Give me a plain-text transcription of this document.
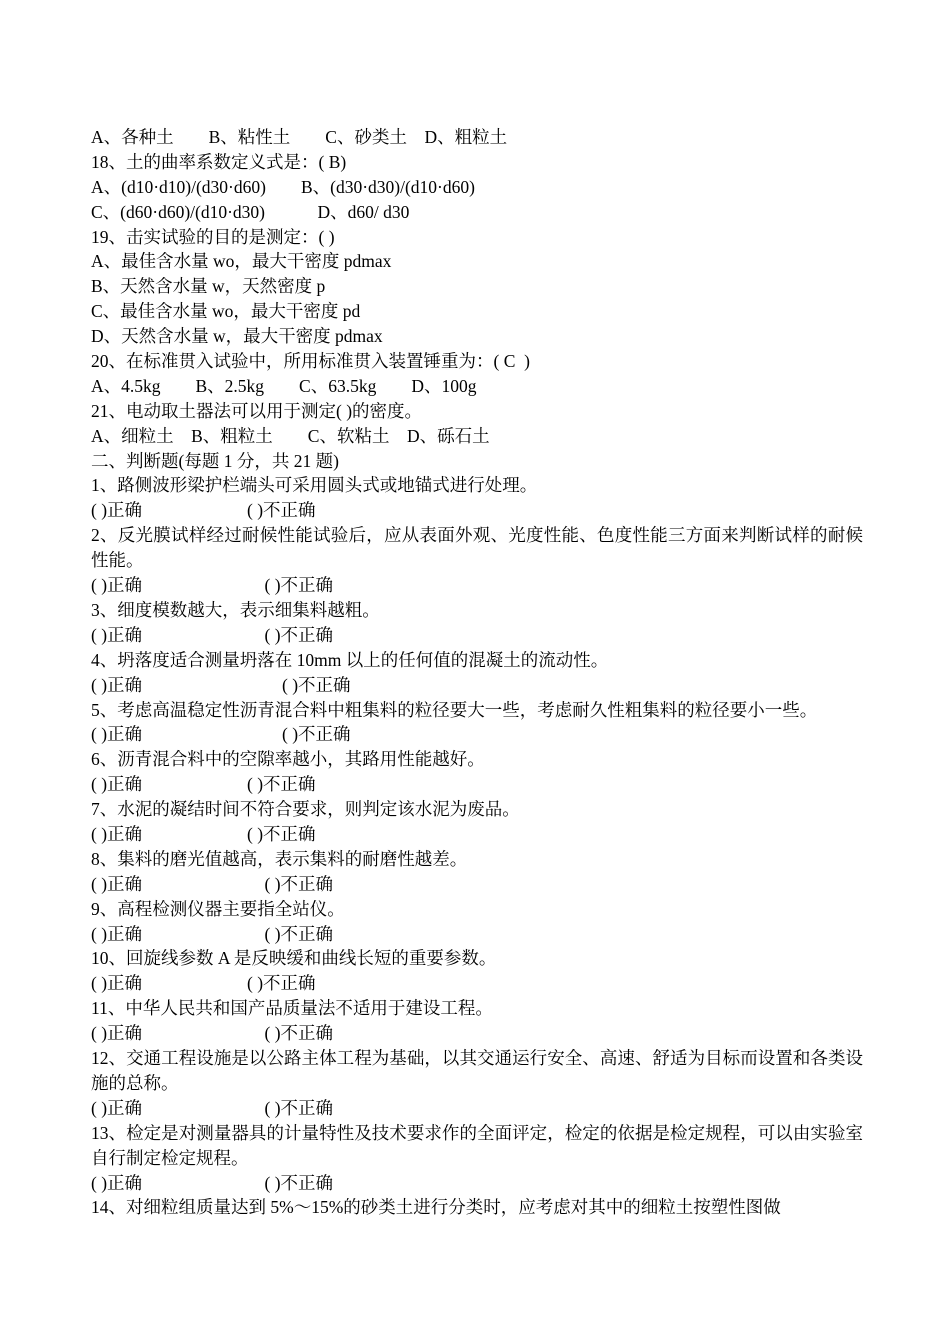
A、各种土　　B、粘性土　　C、砂类土　D、粗粒土
18、土的曲率系数定义式是：( B)
A、(d10·d10)/(d30·d60)　　B、(d30·d30)/(d10·d60)
C、(d60·d60)/(d10·d30)　　　D、d60/ d30
19、击实试验的目的是测定：( )
A、最佳含水量 wo，最大干密度 pdmax
B、天然含水量 w，天然密度 p
C、最佳含水量 wo，最大干密度 pd
D、天然含水量 w，最大干密度 pdmax
20、在标准贯入试验中，所用标准贯入装置锤重为：( C  )
A、4.5kg　　B、2.5kg　　C、63.5kg　　D、100g
21、电动取土器法可以用于测定( )的密度。
A、细粒土　B、粗粒土　　C、软粘土　D、砾石土
二、判断题(每题 1 分，共 21 题)
1、路侧波形梁护栏端头可采用圆头式或地锚式进行处理。
( )正确　　　　　　( )不正确
2、反光膜试样经过耐候性能试验后，应从表面外观、光度性能、色度性能三方面来判断试样的耐候性能。
( )正确　　　　　　　( )不正确
3、细度模数越大，表示细集料越粗。
( )正确　　　　　　　( )不正确
4、坍落度适合测量坍落在 10mm 以上的任何值的混凝土的流动性。
( )正确　　　　　　　　( )不正确
5、考虑高温稳定性沥青混合料中粗集料的粒径要大一些，考虑耐久性粗集料的粒径要小一些。
( )正确　　　　　　　　( )不正确
6、沥青混合料中的空隙率越小，其路用性能越好。
( )正确　　　　　　( )不正确
7、水泥的凝结时间不符合要求，则判定该水泥为废品。
( )正确　　　　　　( )不正确
8、集料的磨光值越高，表示集料的耐磨性越差。
( )正确　　　　　　　( )不正确
9、高程检测仪器主要指全站仪。
( )正确　　　　　　　( )不正确
10、回旋线参数 A 是反映缓和曲线长短的重要参数。
( )正确　　　　　　( )不正确
11、中华人民共和国产品质量法不适用于建设工程。
( )正确　　　　　　　( )不正确
12、交通工程设施是以公路主体工程为基础，以其交通运行安全、高速、舒适为目标而设置和各类设施的总称。
( )正确　　　　　　　( )不正确
13、检定是对测量器具的计量特性及技术要求作的全面评定，检定的依据是检定规程，可以由实验室自行制定检定规程。
( )正确　　　　　　　( )不正确
14、对细粒组质量达到 5%～15%的砂类土进行分类时，应考虑对其中的细粒土按塑性图做
